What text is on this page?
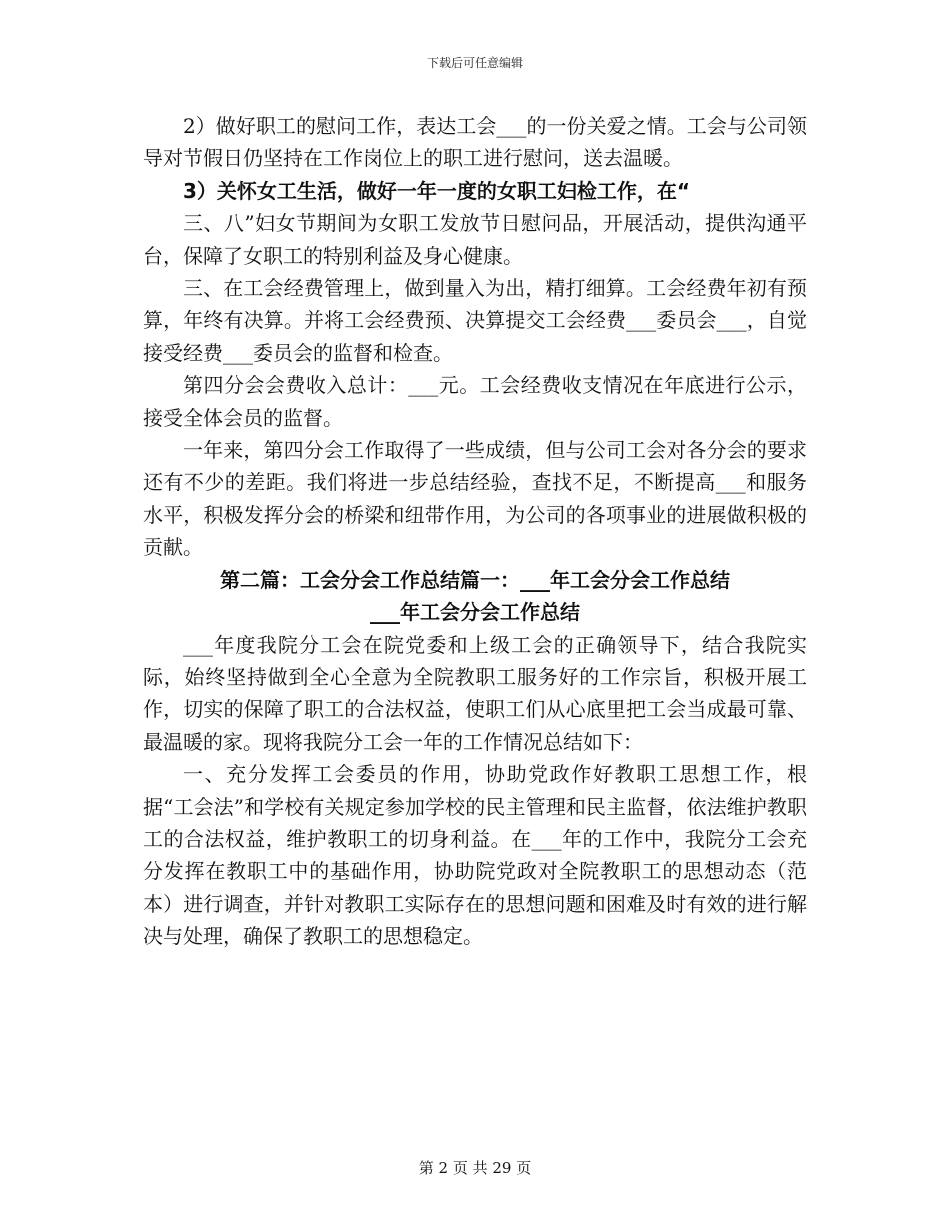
下载后可任意编辑

2）做好职工的慰问工作，表达工会___的一份关爱之情。工会与公司领导对节假日仍坚持在工作岗位上的职工进行慰问，送去温暖。

3）关怀女工生活，做好一年一度的女职工妇检工作，在“

三、八”妇女节期间为女职工发放节日慰问品，开展活动，提供沟通平台，保障了女职工的特别利益及身心健康。

三、在工会经费管理上，做到量入为出，精打细算。工会经费年初有预算，年终有决算。并将工会经费预、决算提交工会经费___委员会___，自觉接受经费___委员会的监督和检查。

第四分会会费收入总计：___元。工会经费收支情况在年底进行公示，接受全体会员的监督。

一年来，第四分会工作取得了一些成绩，但与公司工会对各分会的要求还有不少的差距。我们将进一步总结经验，查找不足，不断提高___和服务水平，积极发挥分会的桥梁和纽带作用，为公司的各项事业的进展做积极的贡献。

第二篇：工会分会工作总结篇一：___年工会分会工作总结

___年工会分会工作总结

___年度我院分工会在院党委和上级工会的正确领导下，结合我院实际，始终坚持做到全心全意为全院教职工服务好的工作宗旨，积极开展工作，切实的保障了职工的合法权益，使职工们从心底里把工会当成最可靠、最温暖的家。现将我院分工会一年的工作情况总结如下：

一、充分发挥工会委员的作用，协助党政作好教职工思想工作，根据“工会法”和学校有关规定参加学校的民主管理和民主监督，依法维护教职工的合法权益，维护教职工的切身利益。在___年的工作中，我院分工会充分发挥在教职工中的基础作用，协助院党政对全院教职工的思想动态（范本）进行调查，并针对教职工实际存在的思想问题和困难及时有效的进行解决与处理，确保了教职工的思想稳定。

第 2 页 共 29 页
